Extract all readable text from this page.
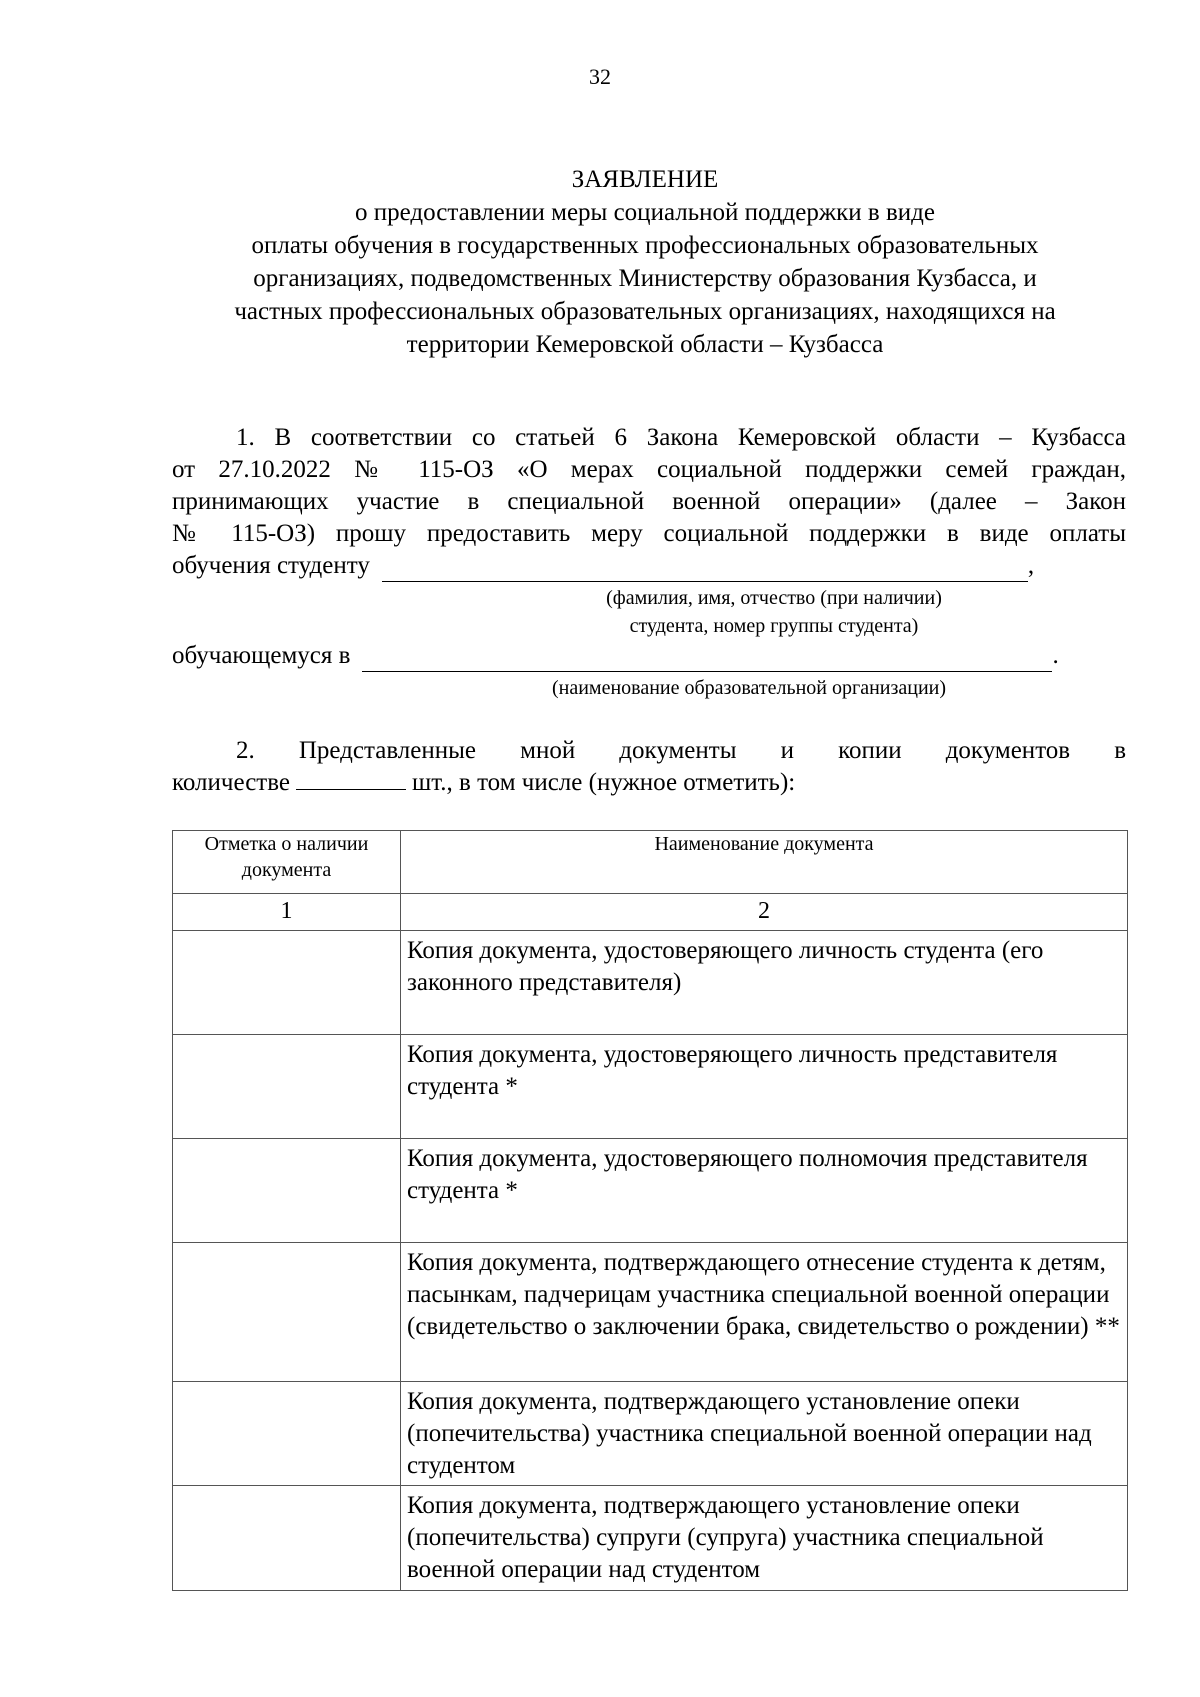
32
ЗАЯВЛЕНИЕ
о предоставлении меры социальной поддержки в виде
оплаты обучения в государственных профессиональных образовательных
организациях, подведомственных Министерству образования Кузбасса, и
частных профессиональных образовательных организациях, находящихся на
территории Кемеровской области – Кузбасса
1. В соответствии со статьей 6 Закона Кемеровской области – Кузбасса
от 27.10.2022 № 115-ОЗ «О мерах социальной поддержки семей граждан,
принимающих участие в специальной военной операции» (далее – Закон
№ 115-ОЗ) прошу предоставить меру социальной поддержки в виде оплаты
обучения студенту	,
(фамилия, имя, отчество (при наличии)
студента, номер группы студента)
обучающемуся в	.
(наименование образовательной организации)
2. Представленные мной документы и копии документов в
количестве	шт., в том числе (нужное отметить):
Отметка о наличии документа	Наименование документа
1	2
	Копия документа, удостоверяющего личность студента (его законного представителя)
	Копия документа, удостоверяющего личность представителя студента *
	Копия документа, удостоверяющего полномочия представителя студента *
	Копия документа, подтверждающего отнесение студента к детям, пасынкам, падчерицам участника специальной военной операции (свидетельство о заключении брака, свидетельство о рождении) **
	Копия документа, подтверждающего установление опеки (попечительства) участника специальной военной операции над студентом
	Копия документа, подтверждающего установление опеки (попечительства) супруги (супруга) участника специальной военной операции над студентом
